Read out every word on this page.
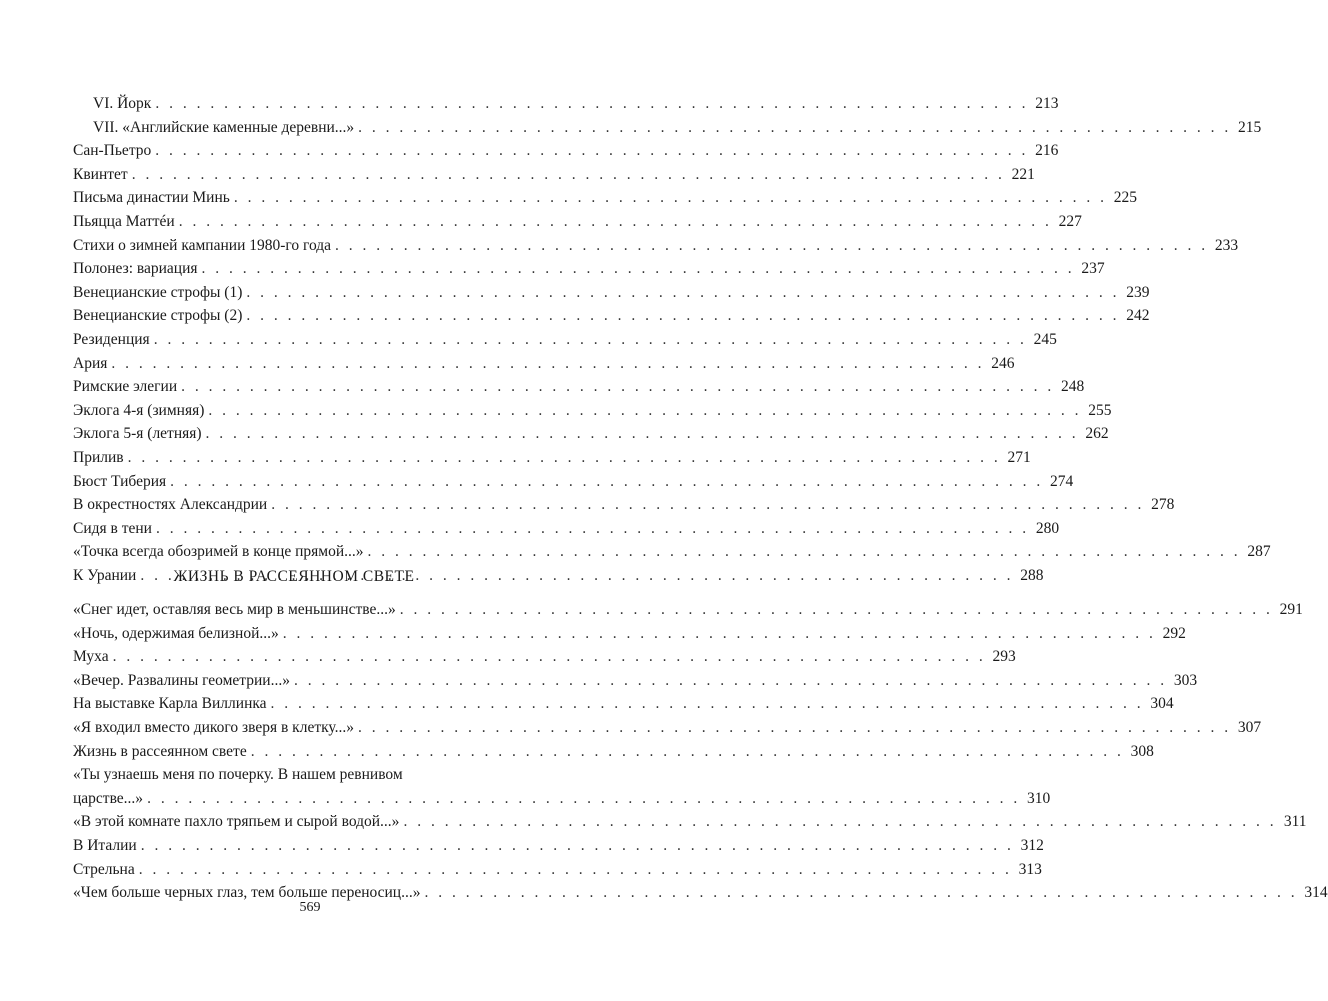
VI. Йорк . . .	213
VII. «Английские каменные деревни...» . . .	215
Сан-Пьетро . . .	216
Квинтет . . .	221
Письма династии Минь . . .	225
Пьяцца Маттéи . . .	227
Стихи о зимней кампании 1980-го года . . .	233
Полонез: вариация . . .	237
Венецианские строфы (1) . . .	239
Венецианские строфы (2) . . .	242
Резиденция . . .	245
Ария . . .	246
Римские элегии . . .	248
Эклога 4-я (зимняя) . . .	255
Эклога 5-я (летняя) . . .	262
Прилив . . .	271
Бюст Тиберия . . .	274
В окрестностях Александрии . . .	278
Сидя в тени . . .	280
«Точка всегда обозримей в конце прямой...» . . .	287
К Урании . . .	288
ЖИЗНЬ В РАССЕЯННОМ СВЕТЕ
«Снег идет, оставляя весь мир в меньшинстве...» . . .	291
«Ночь, одержимая белизной...» . . .	292
Муха . . .	293
«Вечер. Развалины геометрии...» . . .	303
На выставке Карла Виллинка . . .	304
«Я входил вместо дикого зверя в клетку...» . . .	307
Жизнь в рассеянном свете . . .	308
«Ты узнаешь меня по почерку. В нашем ревнивом
царстве...» . . .	310
«В этой комнате пахло тряпьем и сырой водой...» . . .	311
В Италии . . .	312
Стрельна . . .	313
«Чем больше черных глаз, тем больше переносиц...» . . .	314
569
